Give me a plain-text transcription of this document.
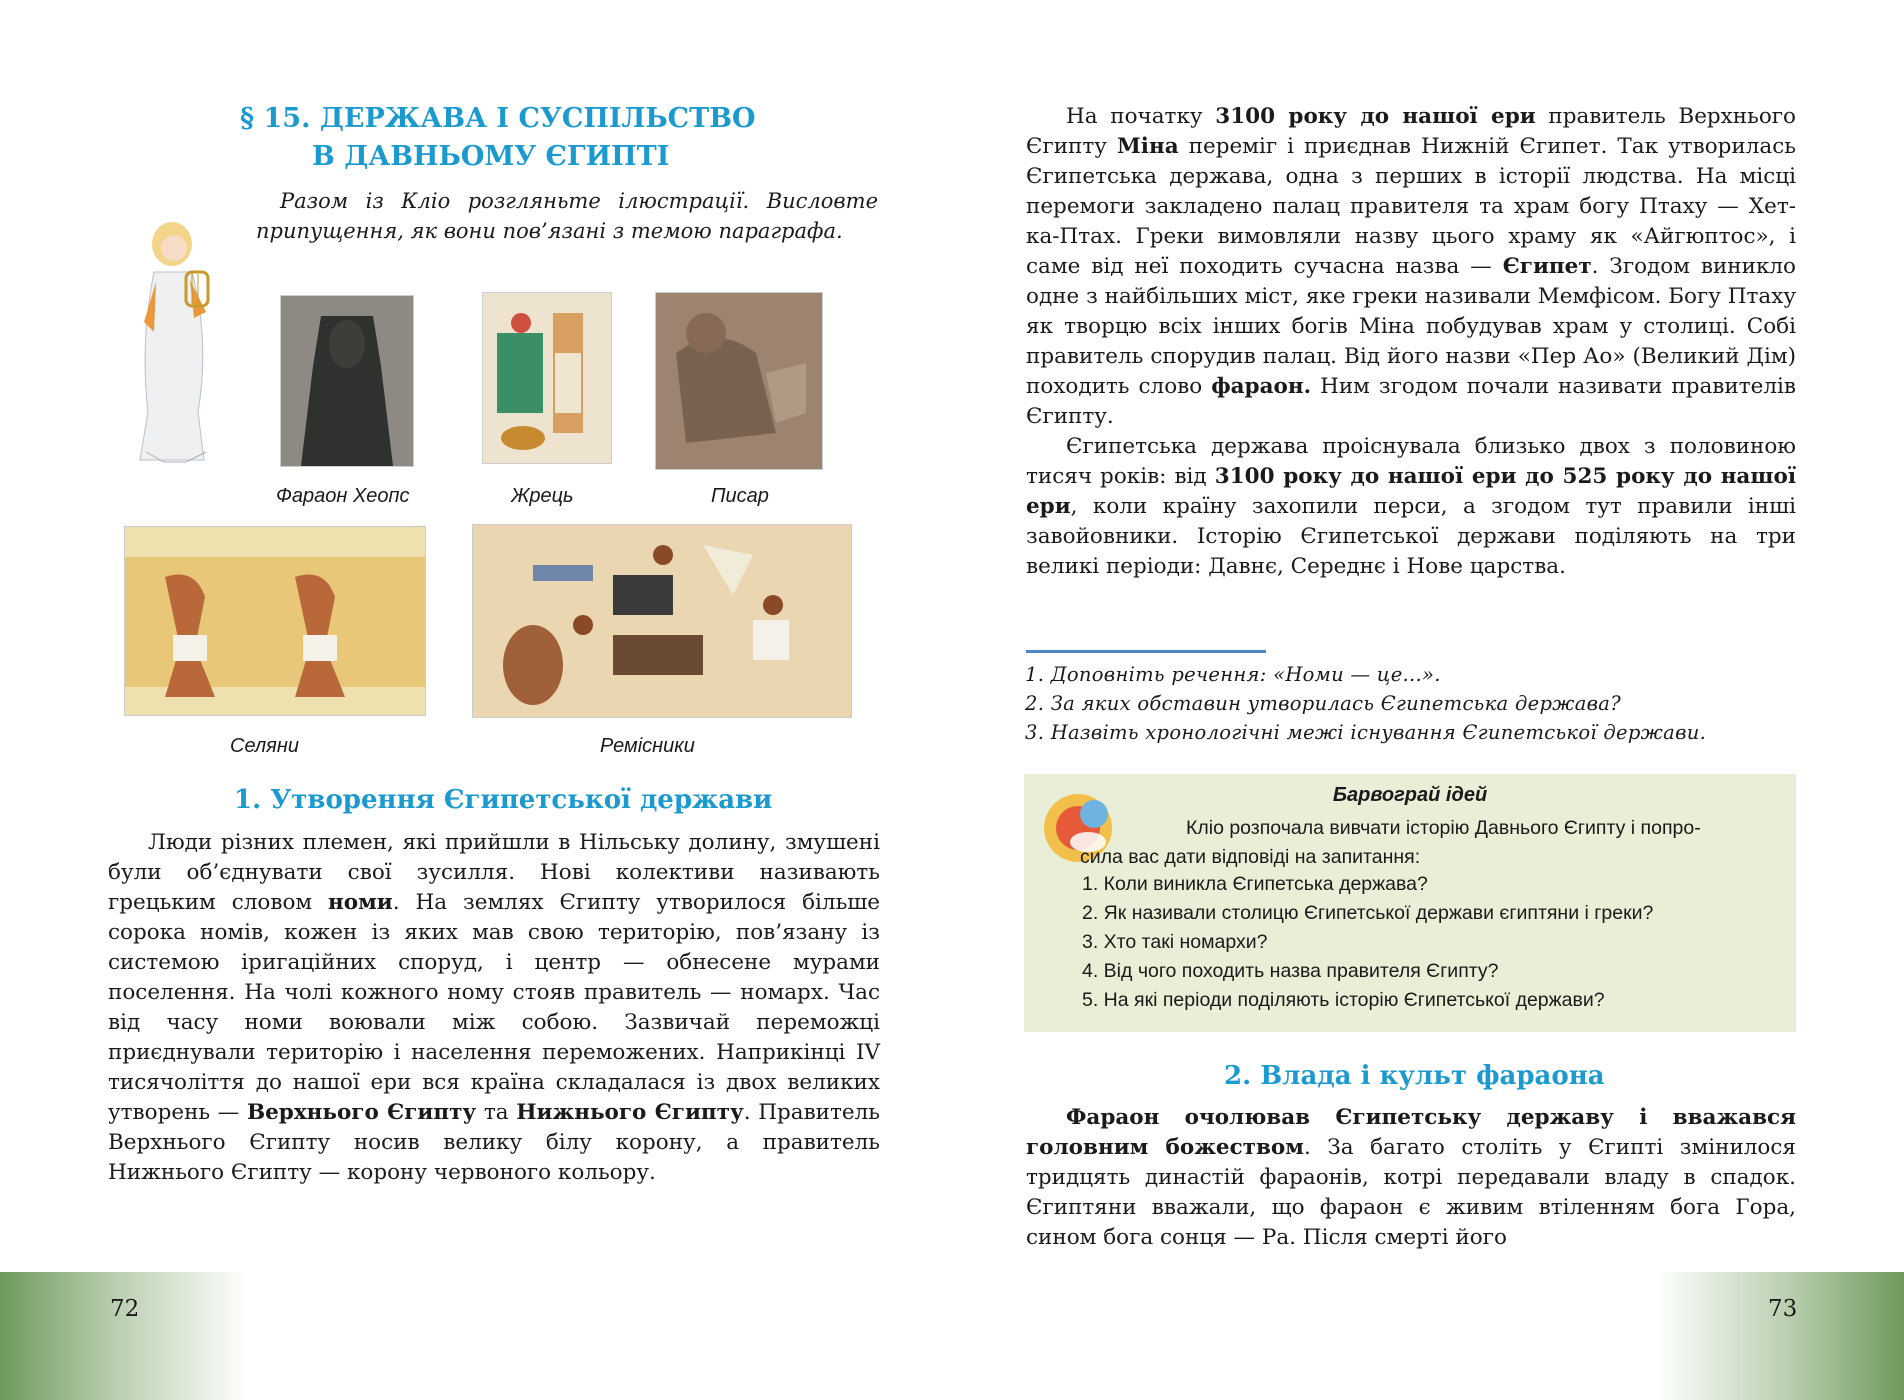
§ 15. ДЕРЖАВА І СУСПІЛЬСТВО
В ДАВНЬОМУ ЄГИПТІ
Разом із Кліо розгляньте ілюстрації. Висловте припущення, як вони пов’язані з темою параграфа.
Фараон Хеопс	Жрець	Писар
Селяни	Ремісники
1. Утворення Єгипетської держави

Люди різних племен, які прийшли в Нільську долину, змушені були об’єднувати свої зусилля. Нові колективи називають грецьким словом номи. На землях Єгипту утворилося більше сорока номів, кожен із яких мав свою територію, пов’язану із системою іригаційних споруд, і центр — обнесене мурами поселення. На чолі кожного ному стояв правитель — номарх. Час від часу номи воювали між собою. Зазвичай переможці приєднували територію і населення переможених. Наприкінці IV тисячоліття до нашої ери вся країна складалася із двох великих утворень — Верхнього Єгипту та Нижнього Єгипту. Правитель Верхнього Єгипту носив велику білу корону, а правитель Нижнього Єгипту — корону червоного кольору.

72

На початку 3100 року до нашої ери правитель Верхнього Єгипту Міна переміг і приєднав Нижній Єгипет. Так утворилась Єгипетська держава, одна з перших в історії людства. На місці перемоги закладено палац правителя та храм богу Птаху — Хет-ка-Птах. Греки вимовляли назву цього храму як «Айгюптос», і саме від неї походить сучасна назва — Єгипет. Згодом виникло одне з найбільших міст, яке греки називали Мемфісом. Богу Птаху як творцю всіх інших богів Міна побудував храм у столиці. Собі правитель спорудив палац. Від його назви «Пер Ао» (Великий Дім) походить слово фараон. Ним згодом почали називати правителів Єгипту.

Єгипетська держава проіснувала близько двох з половиною тисяч років: від 3100 року до нашої ери до 525 року до нашої ери, коли країну захопили перси, а згодом тут правили інші завойовники. Історію Єгипетської держави поділяють на три великі періоди: Давнє, Середнє і Нове царства.

1. Доповніть речення: «Номи — це...».
2. За яких обставин утворилась Єгипетська держава?
3. Назвіть хронологічні межі існування Єгипетської держави.
Барвограй ідей
Кліо розпочала вивчати історію Давнього Єгипту і попро-
сила вас дати відповіді на запитання:
1. Коли виникла Єгипетська держава?
2. Як називали столицю Єгипетської держави єгиптяни і греки?
3. Хто такі номархи?
4. Від чого походить назва правителя Єгипту?
5. На які періоди поділяють історію Єгипетської держави?
2. Влада і культ фараона

Фараон очолював Єгипетську державу і вважався головним божеством. За багато століть у Єгипті змінилося тридцять династій фараонів, котрі передавали владу в спадок. Єгиптяни вважали, що фараон є живим втіленням бога Гора, сином бога сонця — Ра. Після смерті його

73
